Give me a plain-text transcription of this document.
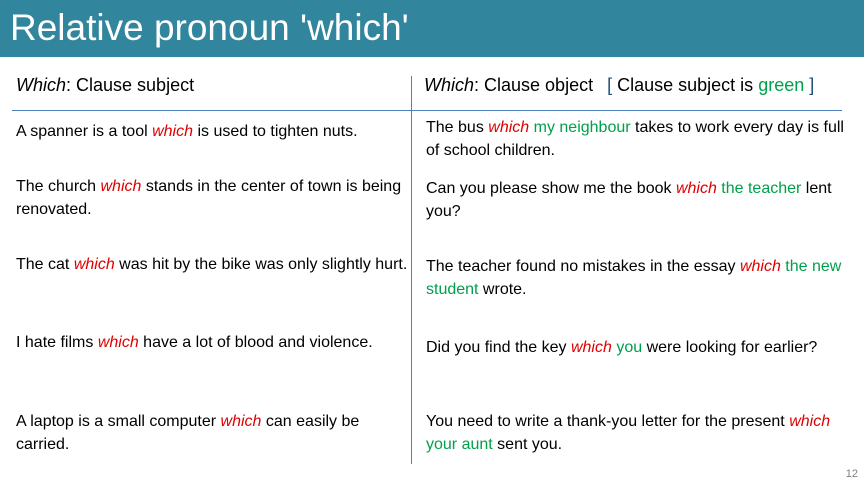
Relative pronoun 'which'
Which: Clause subject	Which: Clause object [ Clause subject is green ]
A spanner is a tool which is used to tighten nuts.
The church which stands in the center of town is being renovated.
The cat which was hit by the bike was only slightly hurt.
I hate films which have a lot of blood and violence.
A laptop is a small computer which can easily be carried.
The bus which my neighbour takes to work every day is full of school children.
Can you please show me the book which the teacher lent you?
The teacher found no mistakes in the essay which the new student wrote.
Did you find the key which you were looking for earlier?
You need to write a thank-you letter for the present which your aunt sent you.
12
